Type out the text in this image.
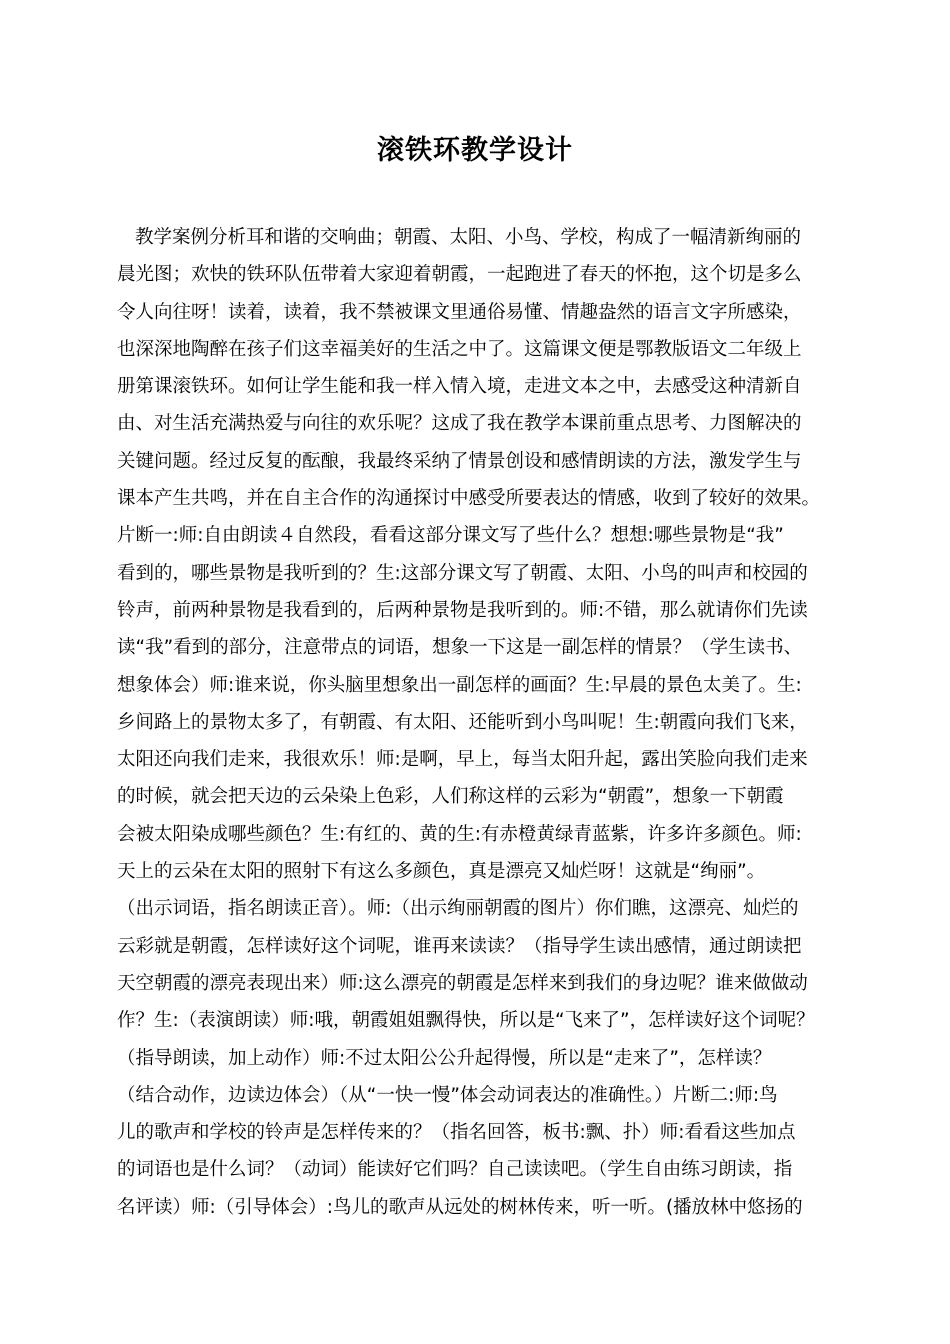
滚铁环教学设计
教学案例分析耳和谐的交响曲；朝霞、太阳、小鸟、学校，构成了一幅清新绚丽的
晨光图；欢快的铁环队伍带着大家迎着朝霞，一起跑进了春天的怀抱，这个切是多么
令人向往呀！读着，读着，我不禁被课文里通俗易懂、情趣盎然的语言文字所感染，
也深深地陶醉在孩子们这幸福美好的生活之中了。这篇课文便是鄂教版语文二年级上
册第课滚铁环。如何让学生能和我一样入情入境，走进文本之中，去感受这种清新自
由、对生活充满热爱与向往的欢乐呢？这成了我在教学本课前重点思考、力图解决的
关键问题。经过反复的酝酿，我最终采纳了情景创设和感情朗读的方法，激发学生与
课本产生共鸣，并在自主合作的沟通探讨中感受所要表达的情感，收到了较好的效果。
片断一:师:自由朗读４自然段，看看这部分课文写了些什么？想想:哪些景物是“我”
看到的，哪些景物是我听到的？生:这部分课文写了朝霞、太阳、小鸟的叫声和校园的
铃声，前两种景物是我看到的，后两种景物是我听到的。师:不错，那么就请你们先读
读“我”看到的部分，注意带点的词语，想象一下这是一副怎样的情景？（学生读书、
想象体会）师:谁来说，你头脑里想象出一副怎样的画面？生:早晨的景色太美了。生:
乡间路上的景物太多了，有朝霞、有太阳、还能听到小鸟叫呢！生:朝霞向我们飞来，
太阳还向我们走来，我很欢乐！师:是啊，早上，每当太阳升起，露出笑脸向我们走来
的时候，就会把天边的云朵染上色彩，人们称这样的云彩为“朝霞”，想象一下朝霞
会被太阳染成哪些颜色？生:有红的、黄的生:有赤橙黄绿青蓝紫，许多许多颜色。师:
天上的云朵在太阳的照射下有这么多颜色，真是漂亮又灿烂呀！这就是“绚丽”。
（出示词语，指名朗读正音）。师:（出示绚丽朝霞的图片）你们瞧，这漂亮、灿烂的
云彩就是朝霞，怎样读好这个词呢，谁再来读读？（指导学生读出感情，通过朗读把
天空朝霞的漂亮表现出来）师:这么漂亮的朝霞是怎样来到我们的身边呢？谁来做做动
作？生:（表演朗读）师:哦，朝霞姐姐飘得快，所以是“飞来了”，怎样读好这个词呢？
（指导朗读，加上动作）师:不过太阳公公升起得慢，所以是“走来了”，怎样读？
（结合动作，边读边体会）（从“一快一慢”体会动词表达的准确性。）片断二:师:鸟
儿的歌声和学校的铃声是怎样传来的？（指名回答，板书:飘、扑）师:看看这些加点
的词语也是什么词？（动词）能读好它们吗？自己读读吧。（学生自由练习朗读，指
名评读）师:（引导体会）:鸟儿的歌声从远处的树林传来，听一听。(播放林中悠扬的
